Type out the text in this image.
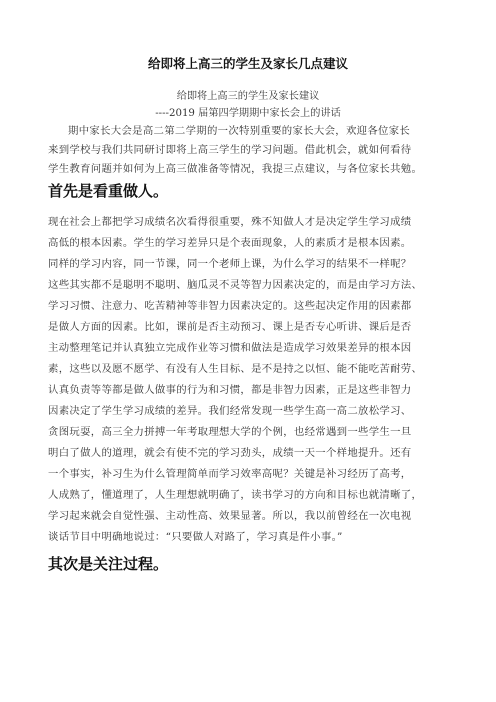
给即将上高三的学生及家长几点建议
给即将上高三的学生及家长建议
----2019 届第四学期期中家长会上的讲话
期中家长大会是高二第二学期的一次特别重要的家长大会，欢迎各位家长
来到学校与我们共同研讨即将上高三学生的学习问题。借此机会，就如何看待
学生教育问题并如何为上高三做准备等情况，我提三点建议，与各位家长共勉。
首先是看重做人。
现在社会上都把学习成绩名次看得很重要，殊不知做人才是决定学生学习成绩
高低的根本因素。学生的学习差异只是个表面现象，人的素质才是根本因素。
同样的学习内容，同一节课，同一个老师上课，为什么学习的结果不一样呢？
这些其实都不是聪明不聪明、脑瓜灵不灵等智力因素决定的，而是由学习方法、
学习习惯、注意力、吃苦精神等非智力因素决定的。这些起决定作用的因素都
是做人方面的因素。比如，课前是否主动预习、课上是否专心听讲、课后是否
主动整理笔记并认真独立完成作业等习惯和做法是造成学习效果差异的根本因
素，这些以及愿不愿学、有没有人生目标、是不是持之以恒、能不能吃苦耐劳、
认真负责等等都是做人做事的行为和习惯，都是非智力因素，正是这些非智力
因素决定了学生学习成绩的差异。我们经常发现一些学生高一高二放松学习、
贪图玩耍，高三全力拼搏一年考取理想大学的个例，也经常遇到一些学生一旦
明白了做人的道理，就会有使不完的学习劲头，成绩一天一个样地提升。还有
一个事实，补习生为什么管理简单而学习效率高呢？关键是补习经历了高考，
人成熟了，懂道理了，人生理想就明确了，读书学习的方向和目标也就清晰了，
学习起来就会自觉性强、主动性高、效果显著。所以，我以前曾经在一次电视
谈话节目中明确地说过：“只要做人对路了，学习真是件小事。”
其次是关注过程。
